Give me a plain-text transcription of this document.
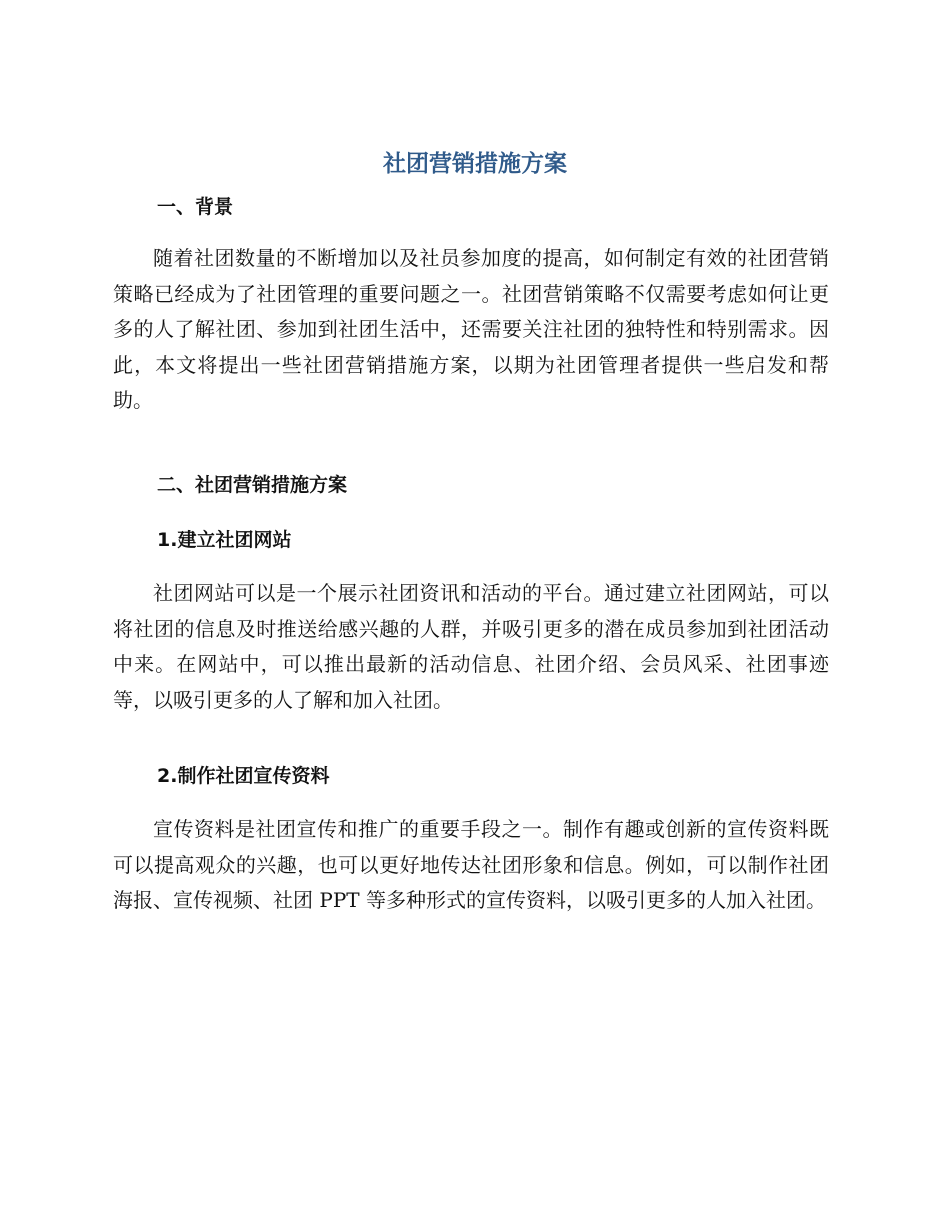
社团营销措施方案
一、背景

随着社团数量的不断增加以及社员参加度的提高，如何制定有效的社团营销策略已经成为了社团管理的重要问题之一。社团营销策略不仅需要考虑如何让更多的人了解社团、参加到社团生活中，还需要关注社团的独特性和特别需求。因此，本文将提出一些社团营销措施方案，以期为社团管理者提供一些启发和帮助。

二、社团营销措施方案
1.建立社团网站

社团网站可以是一个展示社团资讯和活动的平台。通过建立社团网站，可以将社团的信息及时推送给感兴趣的人群，并吸引更多的潜在成员参加到社团活动中来。在网站中，可以推出最新的活动信息、社团介绍、会员风采、社团事迹等，以吸引更多的人了解和加入社团。

2.制作社团宣传资料

宣传资料是社团宣传和推广的重要手段之一。制作有趣或创新的宣传资料既可以提高观众的兴趣，也可以更好地传达社团形象和信息。例如，可以制作社团海报、宣传视频、社团 PPT 等多种形式的宣传资料，以吸引更多的人加入社团。
